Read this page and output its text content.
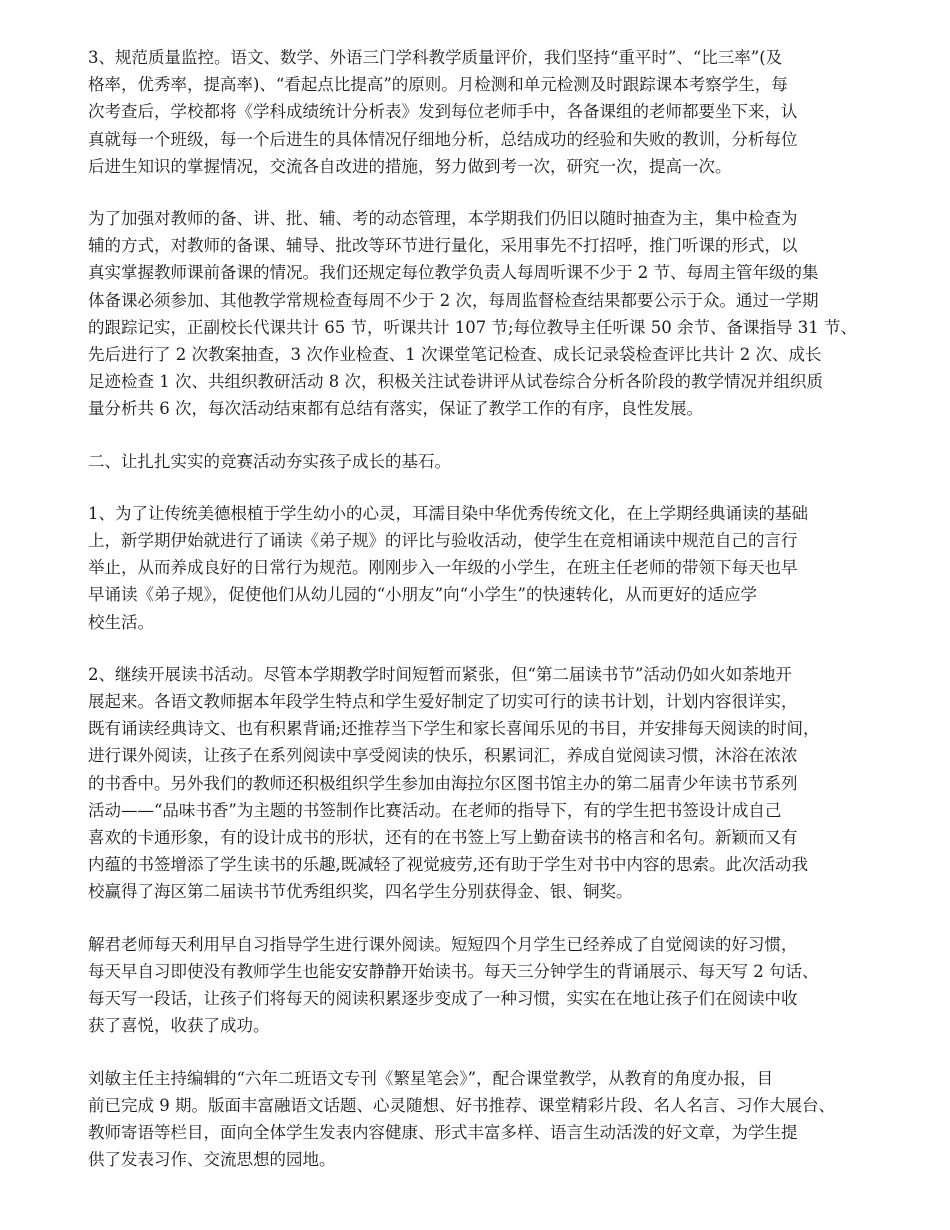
3、规范质量监控。语文、数学、外语三门学科教学质量评价，我们坚持“重平时”、“比三率”(及
格率，优秀率，提高率)、“看起点比提高”的原则。月检测和单元检测及时跟踪课本考察学生，每
次考查后，学校都将《学科成绩统计分析表》发到每位老师手中，各备课组的老师都要坐下来，认
真就每一个班级，每一个后进生的具体情况仔细地分析，总结成功的经验和失败的教训，分析每位
后进生知识的掌握情况，交流各自改进的措施，努力做到考一次，研究一次，提高一次。
为了加强对教师的备、讲、批、辅、考的动态管理，本学期我们仍旧以随时抽查为主，集中检查为
辅的方式，对教师的备课、辅导、批改等环节进行量化，采用事先不打招呼，推门听课的形式，以
真实掌握教师课前备课的情况。我们还规定每位教学负责人每周听课不少于 2 节、每周主管年级的集
体备课必须参加、其他教学常规检查每周不少于 2 次，每周监督检查结果都要公示于众。通过一学期
的跟踪记实，正副校长代课共计 65 节，听课共计 107 节;每位教导主任听课 50 余节、备课指导 31 节、
先后进行了 2 次教案抽查，3 次作业检查、1 次课堂笔记检查、成长记录袋检查评比共计 2 次、成长
足迹检查 1 次、共组织教研活动 8 次，积极关注试卷讲评从试卷综合分析各阶段的教学情况并组织质
量分析共 6 次，每次活动结束都有总结有落实，保证了教学工作的有序，良性发展。
二、让扎扎实实的竞赛活动夯实孩子成长的基石。
1、为了让传统美德根植于学生幼小的心灵，耳濡目染中华优秀传统文化，在上学期经典诵读的基础
上，新学期伊始就进行了诵读《弟子规》的评比与验收活动，使学生在竞相诵读中规范自己的言行
举止，从而养成良好的日常行为规范。刚刚步入一年级的小学生，在班主任老师的带领下每天也早
早诵读《弟子规》，促使他们从幼儿园的“小朋友”向“小学生”的快速转化，从而更好的适应学
校生活。
2、继续开展读书活动。尽管本学期教学时间短暂而紧张，但“第二届读书节”活动仍如火如荼地开
展起来。各语文教师据本年段学生特点和学生爱好制定了切实可行的读书计划，计划内容很详实，
既有诵读经典诗文、也有积累背诵;还推荐当下学生和家长喜闻乐见的书目，并安排每天阅读的时间，
进行课外阅读，让孩子在系列阅读中享受阅读的快乐，积累词汇，养成自觉阅读习惯，沐浴在浓浓
的书香中。另外我们的教师还积极组织学生参加由海拉尔区图书馆主办的第二届青少年读书节系列
活动——“品味书香”为主题的书签制作比赛活动。在老师的指导下，有的学生把书签设计成自己
喜欢的卡通形象，有的设计成书的形状，还有的在书签上写上勤奋读书的格言和名句。新颖而又有
内蕴的书签增添了学生读书的乐趣,既减轻了视觉疲劳,还有助于学生对书中内容的思索。此次活动我
校赢得了海区第二届读书节优秀组织奖，四名学生分别获得金、银、铜奖。
解君老师每天利用早自习指导学生进行课外阅读。短短四个月学生已经养成了自觉阅读的好习惯，
每天早自习即使没有教师学生也能安安静静开始读书。每天三分钟学生的背诵展示、每天写 2 句话、
每天写一段话，让孩子们将每天的阅读积累逐步变成了一种习惯，实实在在地让孩子们在阅读中收
获了喜悦，收获了成功。
刘敏主任主持编辑的“六年二班语文专刊《繁星笔会》”，配合课堂教学，从教育的角度办报，目
前已完成 9 期。版面丰富融语文话题、心灵随想、好书推荐、课堂精彩片段、名人名言、习作大展台、
教师寄语等栏目，面向全体学生发表内容健康、形式丰富多样、语言生动活泼的好文章，为学生提
供了发表习作、交流思想的园地。
